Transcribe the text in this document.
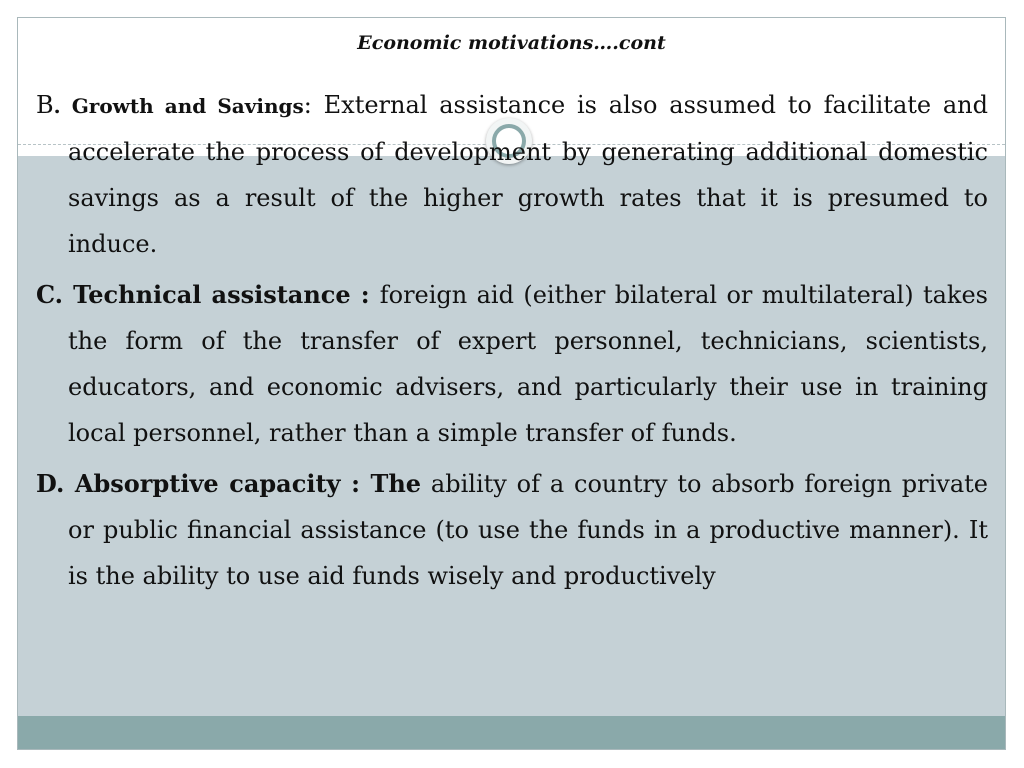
Economic motivations….cont

B. Growth and Savings: External assistance is also assumed to facilitate and accelerate the process of development by generating additional domestic savings as a result of the higher growth rates that it is presumed to induce.

C. Technical assistance : foreign aid (either bilateral or multilateral) takes the form of the transfer of expert personnel, technicians, scientists, educators, and economic advisers, and particularly their use in training local personnel, rather than a simple transfer of funds.

D. Absorptive capacity : The ability of a country to absorb foreign private or public financial assistance (to use the funds in a productive manner). It is the ability to use aid funds wisely and productively
